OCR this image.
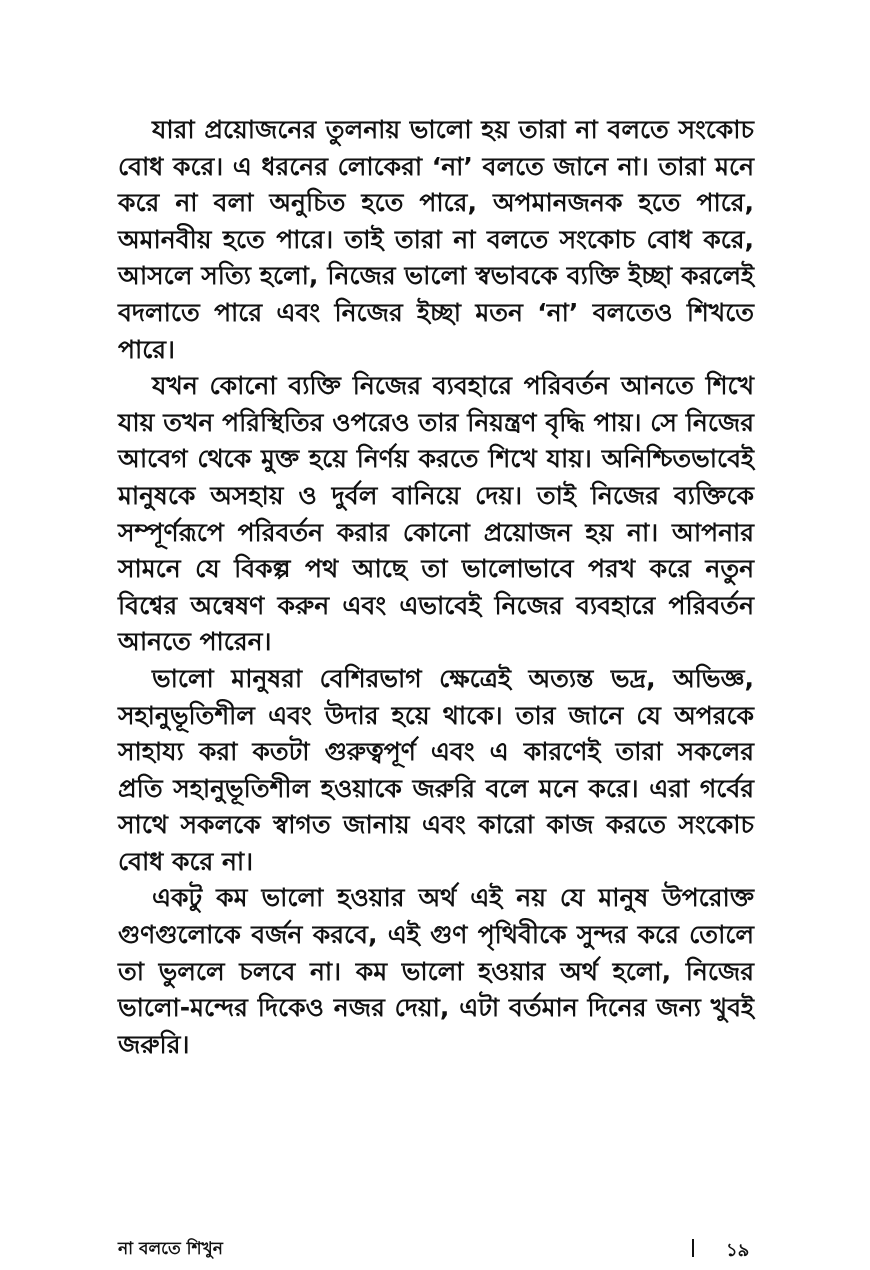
যারা প্রয়োজনের তুলনায় ভালো হয় তারা না বলতে সংকোচ বোধ করে। এ ধরনের লোকেরা ‘না’ বলতে জানে না। তারা মনে করে না বলা অনুচিত হতে পারে, অপমানজনক হতে পারে, অমানবীয় হতে পারে। তাই তারা না বলতে সংকোচ বোধ করে, আসলে সত্যি হলো, নিজের ভালো স্বভাবকে ব্যক্তি ইচ্ছা করলেই বদলাতে পারে এবং নিজের ইচ্ছা মতন ‘না’ বলতেও শিখতে পারে।

যখন কোনো ব্যক্তি নিজের ব্যবহারে পরিবর্তন আনতে শিখে যায় তখন পরিস্থিতির ওপরেও তার নিয়ন্ত্রণ বৃদ্ধি পায়। সে নিজের আবেগ থেকে মুক্ত হয়ে নির্ণয় করতে শিখে যায়। অনিশ্চিতভাবেই মানুষকে অসহায় ও দুর্বল বানিয়ে দেয়। তাই নিজের ব্যক্তিকে সম্পূর্ণরূপে পরিবর্তন করার কোনো প্রয়োজন হয় না। আপনার সামনে যে বিকল্প পথ আছে তা ভালোভাবে পরখ করে নতুন বিশ্বের অন্বেষণ করুন এবং এভাবেই নিজের ব্যবহারে পরিবর্তন আনতে পারেন।

ভালো মানুষরা বেশিরভাগ ক্ষেত্রেই অত্যন্ত ভদ্র, অভিজ্ঞ, সহানুভূতিশীল এবং উদার হয়ে থাকে। তার জানে যে অপরকে সাহায্য করা কতটা গুরুত্বপূর্ণ এবং এ কারণেই তারা সকলের প্রতি সহানুভূতিশীল হওয়াকে জরুরি বলে মনে করে। এরা গর্বের সাথে সকলকে স্বাগত জানায় এবং কারো কাজ করতে সংকোচ বোধ করে না।

একটু কম ভালো হওয়ার অর্থ এই নয় যে মানুষ উপরোক্ত গুণগুলোকে বর্জন করবে, এই গুণ পৃথিবীকে সুন্দর করে তোলে তা ভুললে চলবে না। কম ভালো হওয়ার অর্থ হলো, নিজের ভালো-মন্দের দিকেও নজর দেয়া, এটা বর্তমান দিনের জন্য খুবই জরুরি।

না বলতে শিখুন	১৯
